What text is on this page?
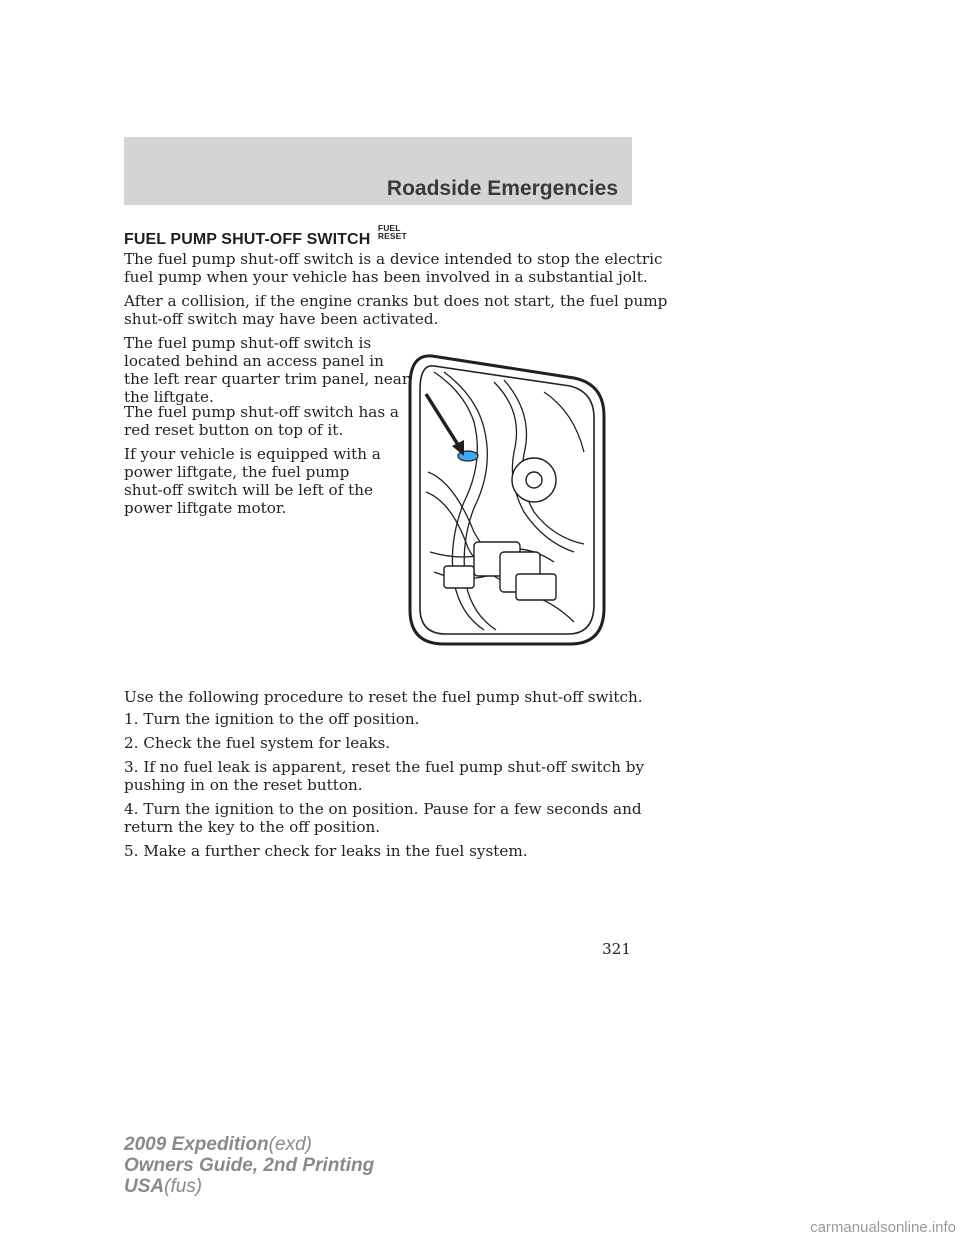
Roadside Emergencies
FUEL PUMP SHUT-OFF SWITCH
FUEL
RESET

The fuel pump shut-off switch is a device intended to stop the electric
fuel pump when your vehicle has been involved in a substantial jolt.

After a collision, if the engine cranks but does not start, the fuel pump
shut-off switch may have been activated.

The fuel pump shut-off switch is
located behind an access panel in
the left rear quarter trim panel, near
the liftgate.

The fuel pump shut-off switch has a
red reset button on top of it.

If your vehicle is equipped with a
power liftgate, the fuel pump
shut-off switch will be left of the
power liftgate motor.

Use the following procedure to reset the fuel pump shut-off switch.

1. Turn the ignition to the off position.

2. Check the fuel system for leaks.

3. If no fuel leak is apparent, reset the fuel pump shut-off switch by
pushing in on the reset button.

4. Turn the ignition to the on position. Pause for a few seconds and
return the key to the off position.

5. Make a further check for leaks in the fuel system.

321
2009 Expedition(exd)
Owners Guide, 2nd Printing
USA(fus)
carmanualsonline.info
